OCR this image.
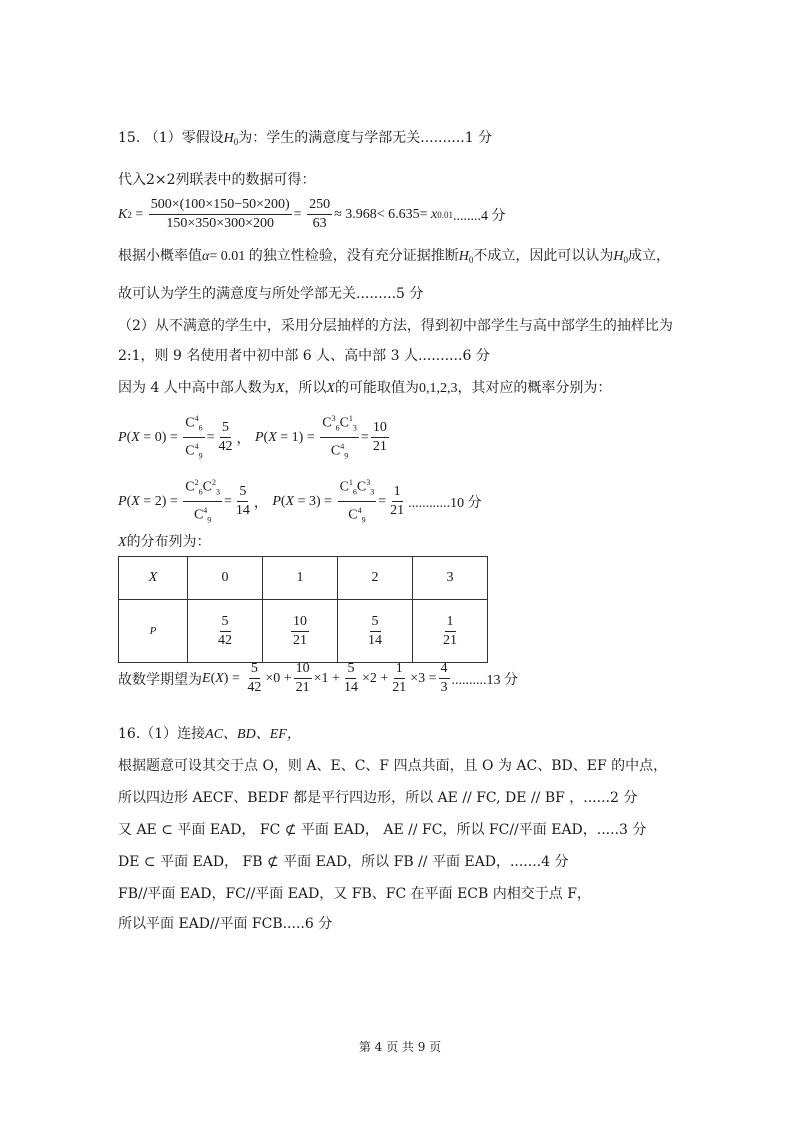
15. （1）零假设$H_0$为：学生的满意度与学部无关..........1 分
代入2×2列联表中的数据可得：
K $2 = \frac{500\times(100\times 150-50\times 200)}{150\times 350\times 300\times 200} = \frac{250}{63} \approx 3.968< 6.635= x$ 0.01 ........4 分
根据小概率值α= 0.01 的独立性检验，没有充分证据推断$H_0$不成立，因此可以认为$H_0$成立，
故可认为学生的满意度与所处学部无关.........5 分
（2）从不满意的学生中，采用分层抽样的方法，得到初中部学生与高中部学生的抽样比为
2:1，则 9 名使用者中初中部 6 人、高中部 3 人..........6 分
因为 4 人中高中部人数为X，所以X的可能取值为0,1,2,3，其对应的概率分别为：
P ( X = 0 ) = $\frac{C^4_6}{C^4_9} = \frac{5}{42}$ ， P ( X = 1 ) = $\frac{C^3_6C^1_3}{C^4_9} = \frac{10}{21}$
P ( X = 2 ) = $\frac{C^2_6C^2_3}{C^4_9} = \frac{5}{14}$ ， P ( X = 3 ) = $\frac{C^1_6C^3_3}{C^4_9} = \frac{1}{21} ............10$ 分
X的分布列为：
X	0	1	2	3
P	$\frac{5}{42}$	$\frac{10}{21}$	$\frac{5}{14}$	$\frac{1}{21}$
故数学期望为 E ( X ) = $\frac{5}{42} \times 0 + \frac{10}{21} \times 1 + \frac{5}{14} \times 2 + \frac{1}{21} \times 3 = \frac{4}{3} ..........13$ 分
16.（1）连接AC、BD、EF，
根据题意可设其交于点 O，则 A、E、C、F 四点共面，且 O 为 AC、BD、EF 的中点，
所以四边形 AECF、BEDF 都是平行四边形，所以 AE // FC, DE // BF ，......2 分
又 AE ⊂ 平面 EAD， FC ⊄ 平面 EAD， AE // FC，所以 FC//平面 EAD，.....3 分
DE ⊂ 平面 EAD， FB ⊄ 平面 EAD，所以 FB // 平面 EAD，.......4 分
FB//平面 EAD，FC//平面 EAD，又 FB、FC 在平面 ECB 内相交于点 F，
所以平面 EAD//平面 FCB.....6 分
第 4 页 共 9 页
